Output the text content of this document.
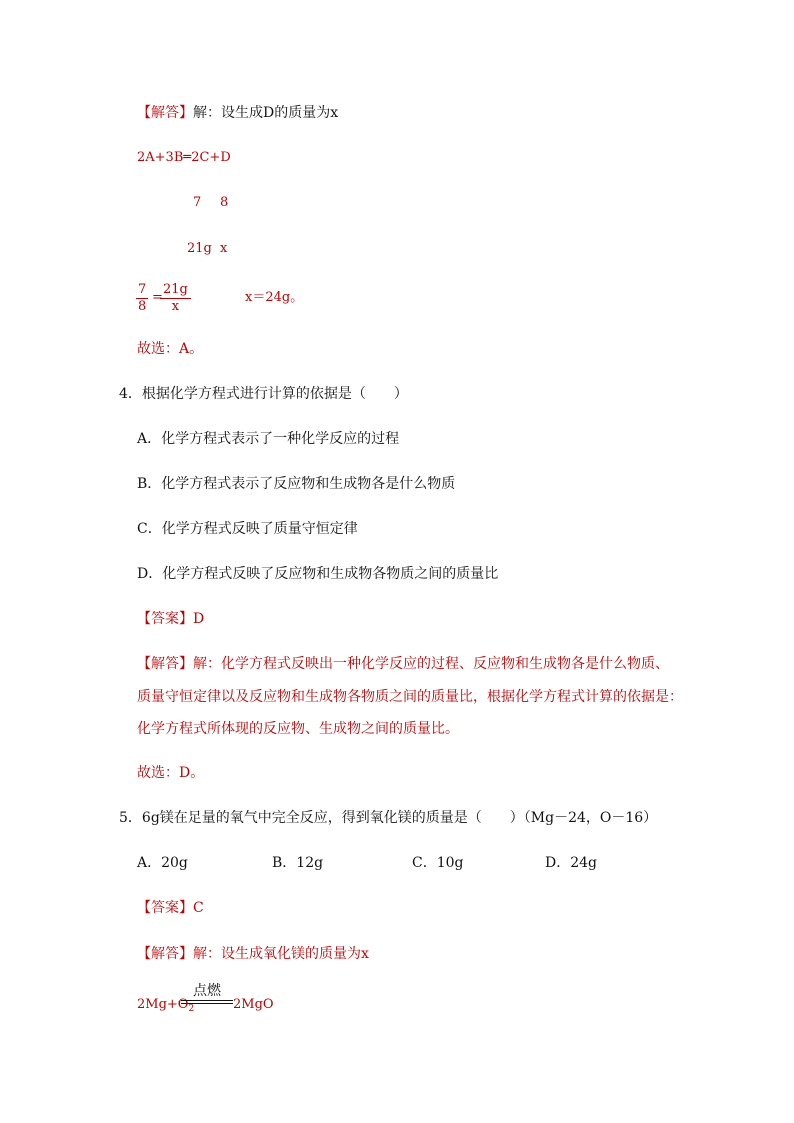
【解答】解：设生成D的质量为x
2A+3B═2C+D
7 8
21g x
$\frac{7}{8}$ =
$\frac{21g}{x}$	x＝24g。
故选：A。
4．根据化学方程式进行计算的依据是（　　）
A．化学方程式表示了一种化学反应的过程
B．化学方程式表示了反应物和生成物各是什么物质
C．化学方程式反映了质量守恒定律
D．化学方程式反映了反应物和生成物各物质之间的质量比
【答案】D
【解答】解：化学方程式反映出一种化学反应的过程、反应物和生成物各是什么物质、
质量守恒定律以及反应物和生成物各物质之间的质量比，根据化学方程式计算的依据是：
化学方程式所体现的反应物、生成物之间的质量比。
故选：D。
5．6g镁在足量的氧气中完全反应，得到氧化镁的质量是（　　）（Mg－24，O－16）
A．20g	B．12g	C．10g	D．24g
【答案】C
【解答】解：设生成氧化镁的质量为x
$2Mg+O_2$
点燃
2MgO
